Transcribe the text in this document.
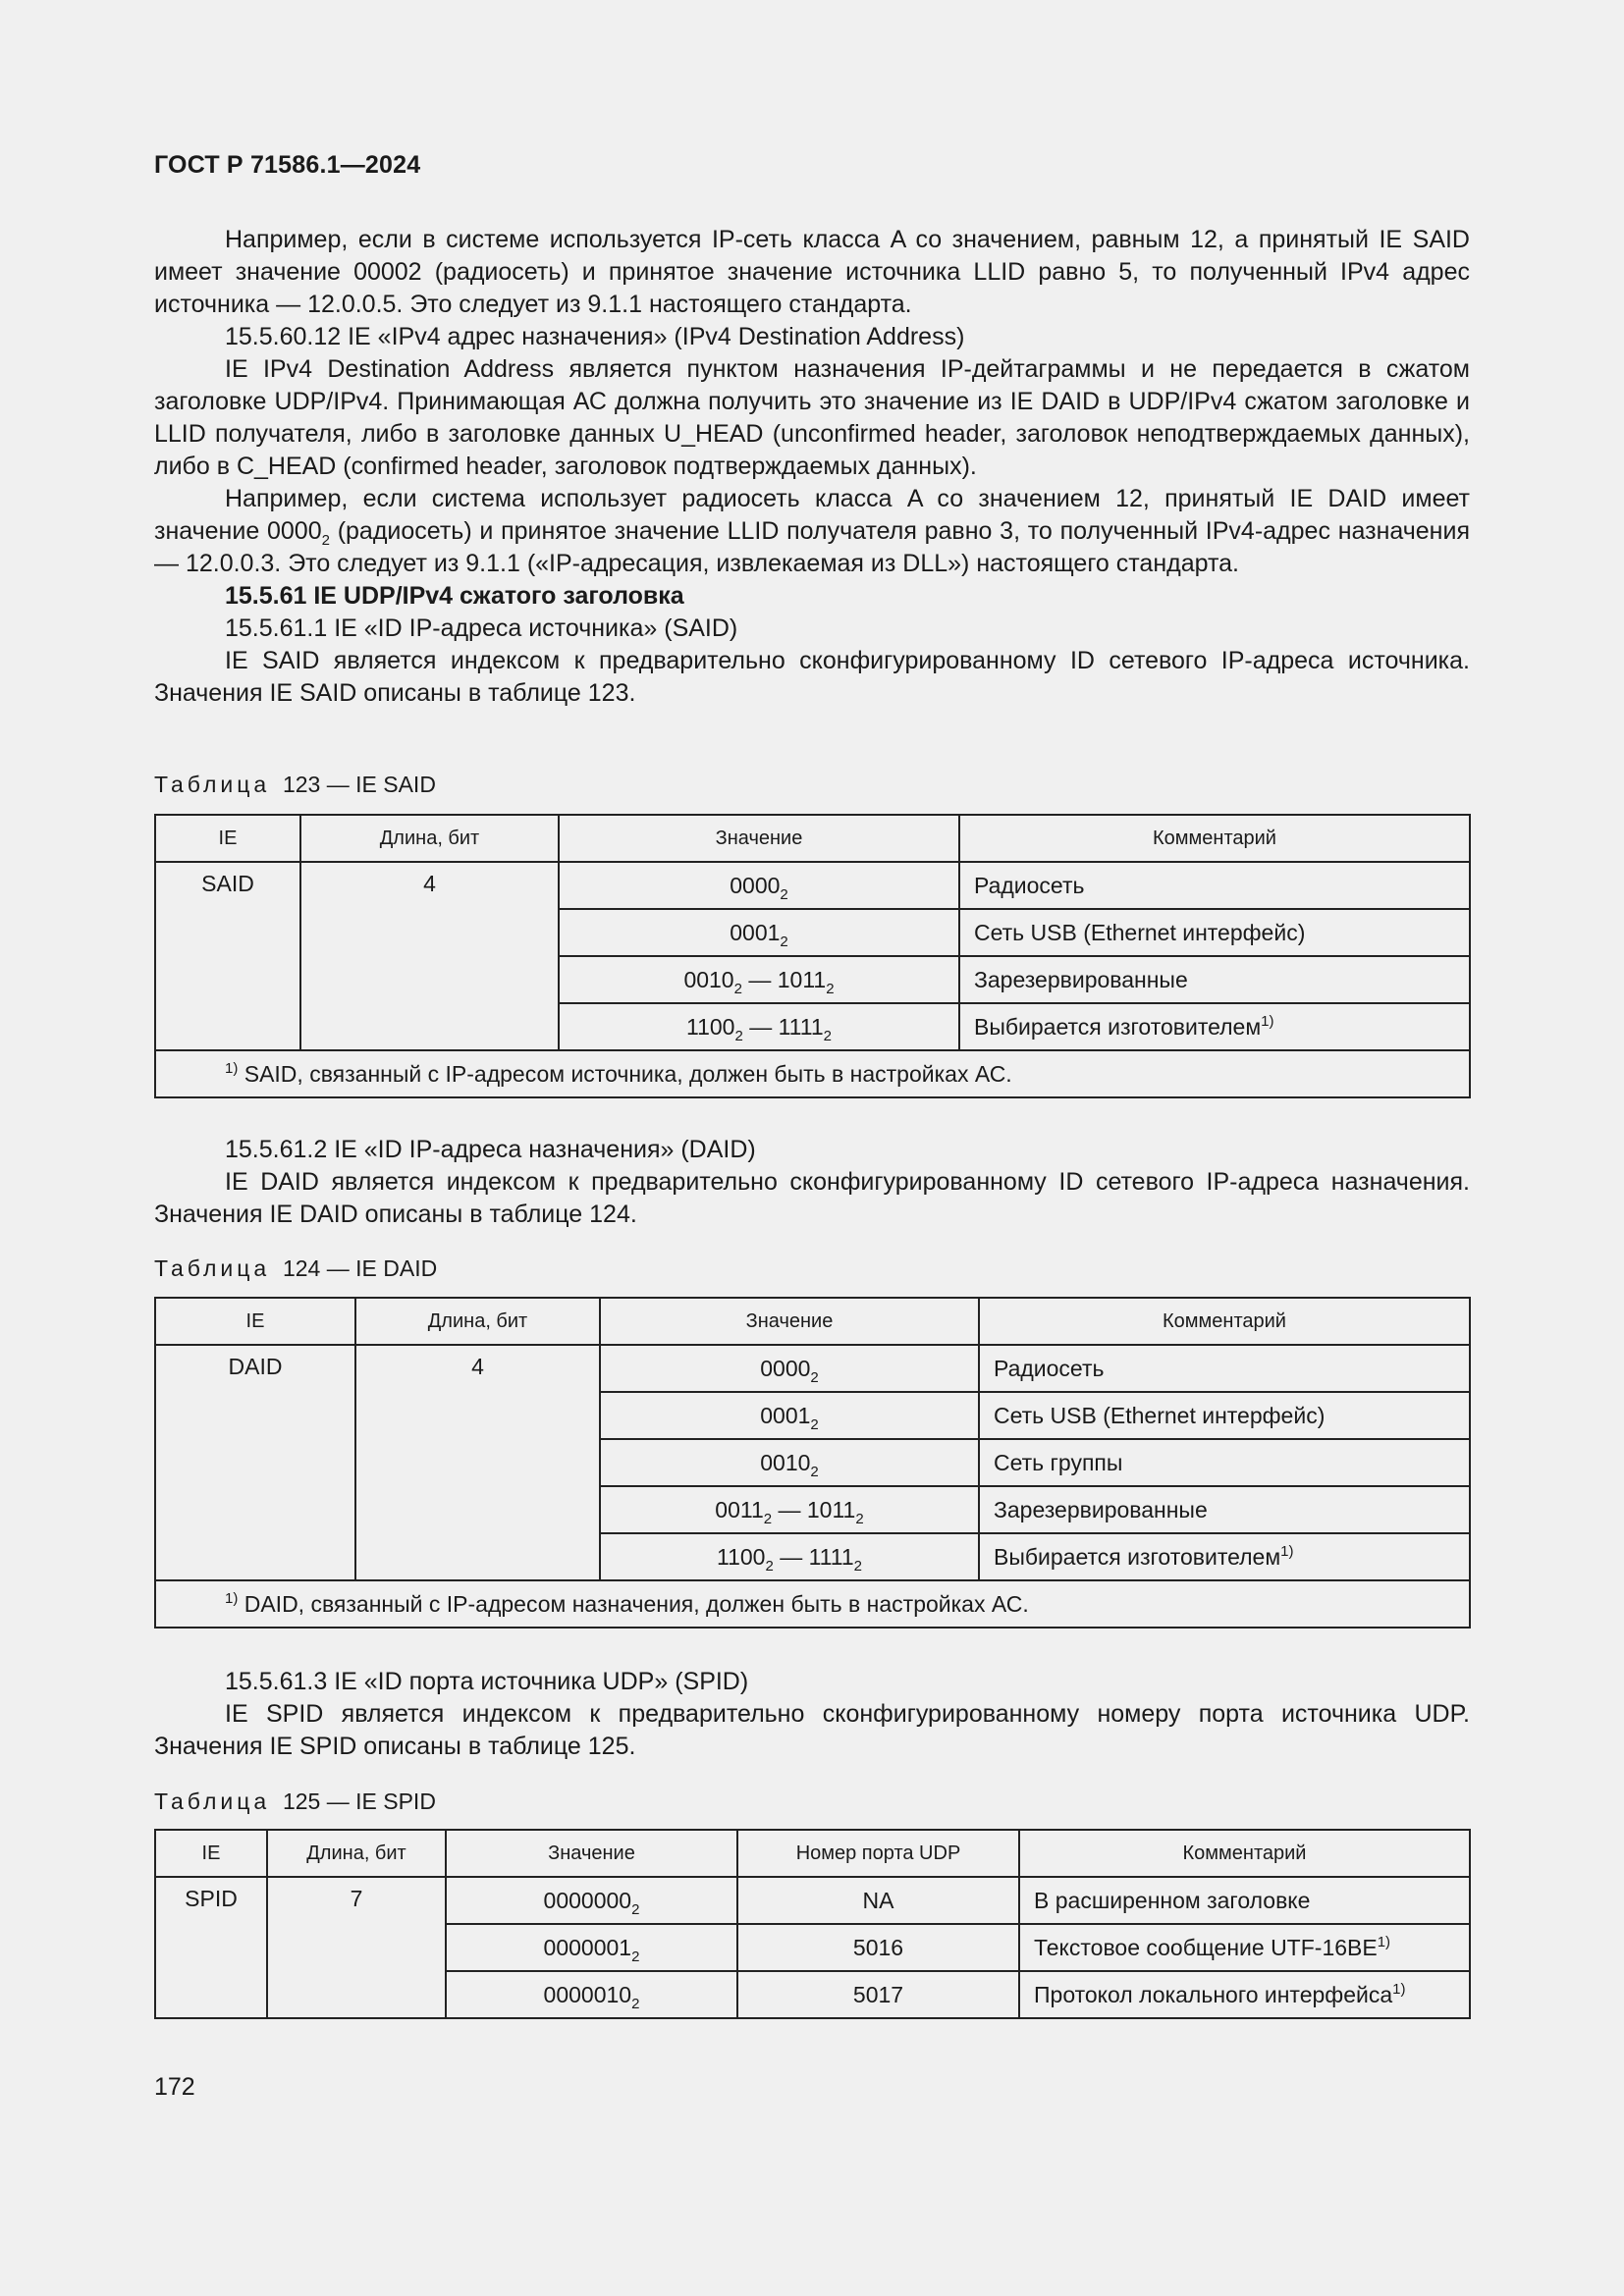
ГОСТ Р 71586.1—2024

Например, если в системе используется IP-сеть класса A со значением, равным 12, а принятый IE SAID имеет значение 00002 (радиосеть) и принятое значение источника LLID равно 5, то полученный IPv4 адрес источника — 12.0.0.5. Это следует из 9.1.1 настоящего стандарта.

15.5.60.12 IE «IPv4 адрес назначения» (IPv4 Destination Address)

IE IPv4 Destination Address является пунктом назначения IP-дейтаграммы и не передается в сжатом заголовке UDP/IPv4. Принимающая АС должна получить это значение из IE DAID в UDP/IPv4 сжатом заголовке и LLID получателя, либо в заголовке данных U_HEAD (unconfirmed header, заголовок неподтверждаемых данных), либо в C_HEAD (confirmed header, заголовок подтверждаемых данных).

Например, если система использует радиосеть класса A со значением 12, принятый IE DAID имеет значение $0000_2$ (радиосеть) и принятое значение LLID получателя равно 3, то полученный IPv4-адрес назначения — 12.0.0.3. Это следует из 9.1.1 («IP-адресация, извлекаемая из DLL») настоящего стандарта.

15.5.61 IE UDP/IPv4 сжатого заголовка

15.5.61.1 IE «ID IP-адреса источника» (SAID)

IE SAID является индексом к предварительно сконфигурированному ID сетевого IP-адреса источника. Значения IE SAID описаны в таблице 123.

Таблица 123 — IE SAID
IE	Длина, бит	Значение	Комментарий
SAID	4	$0000_2$	Радиосеть
		$0001_2$	Сеть USB (Ethernet интерфейс)
		$0010_2$ — $1011_2$	Зарезервированные
		$1100_2$ — $1111_2$	Выбирается изготовителем$^{1)}$
$^{1)}$ SAID, связанный с IP-адресом источника, должен быть в настройках АС.			

15.5.61.2 IE «ID IP-адреса назначения» (DAID)

IE DAID является индексом к предварительно сконфигурированному ID сетевого IP-адреса назначения. Значения IE DAID описаны в таблице 124.

Таблица 124 — IE DAID
IE	Длина, бит	Значение	Комментарий
DAID	4	$0000_2$	Радиосеть
		$0001_2$	Сеть USB (Ethernet интерфейс)
		$0010_2$	Сеть группы
		$0011_2$ — $1011_2$	Зарезервированные
		$1100_2$ — $1111_2$	Выбирается изготовителем$^{1)}$
$^{1)}$ DAID, связанный с IP-адресом назначения, должен быть в настройках АС.			

15.5.61.3 IE «ID порта источника UDP» (SPID)

IE SPID является индексом к предварительно сконфигурированному номеру порта источника UDP. Значения IE SPID описаны в таблице 125.

Таблица 125 — IE SPID
IE	Длина, бит	Значение	Номер порта UDP	Комментарий
SPID	7	$0000000_2$	NA	В расширенном заголовке
		$0000001_2$	5016	Текстовое сообщение UTF-16BE$^{1)}$
		$0000010_2$	5017	Протокол локального интерфейса$^{1)}$
172
